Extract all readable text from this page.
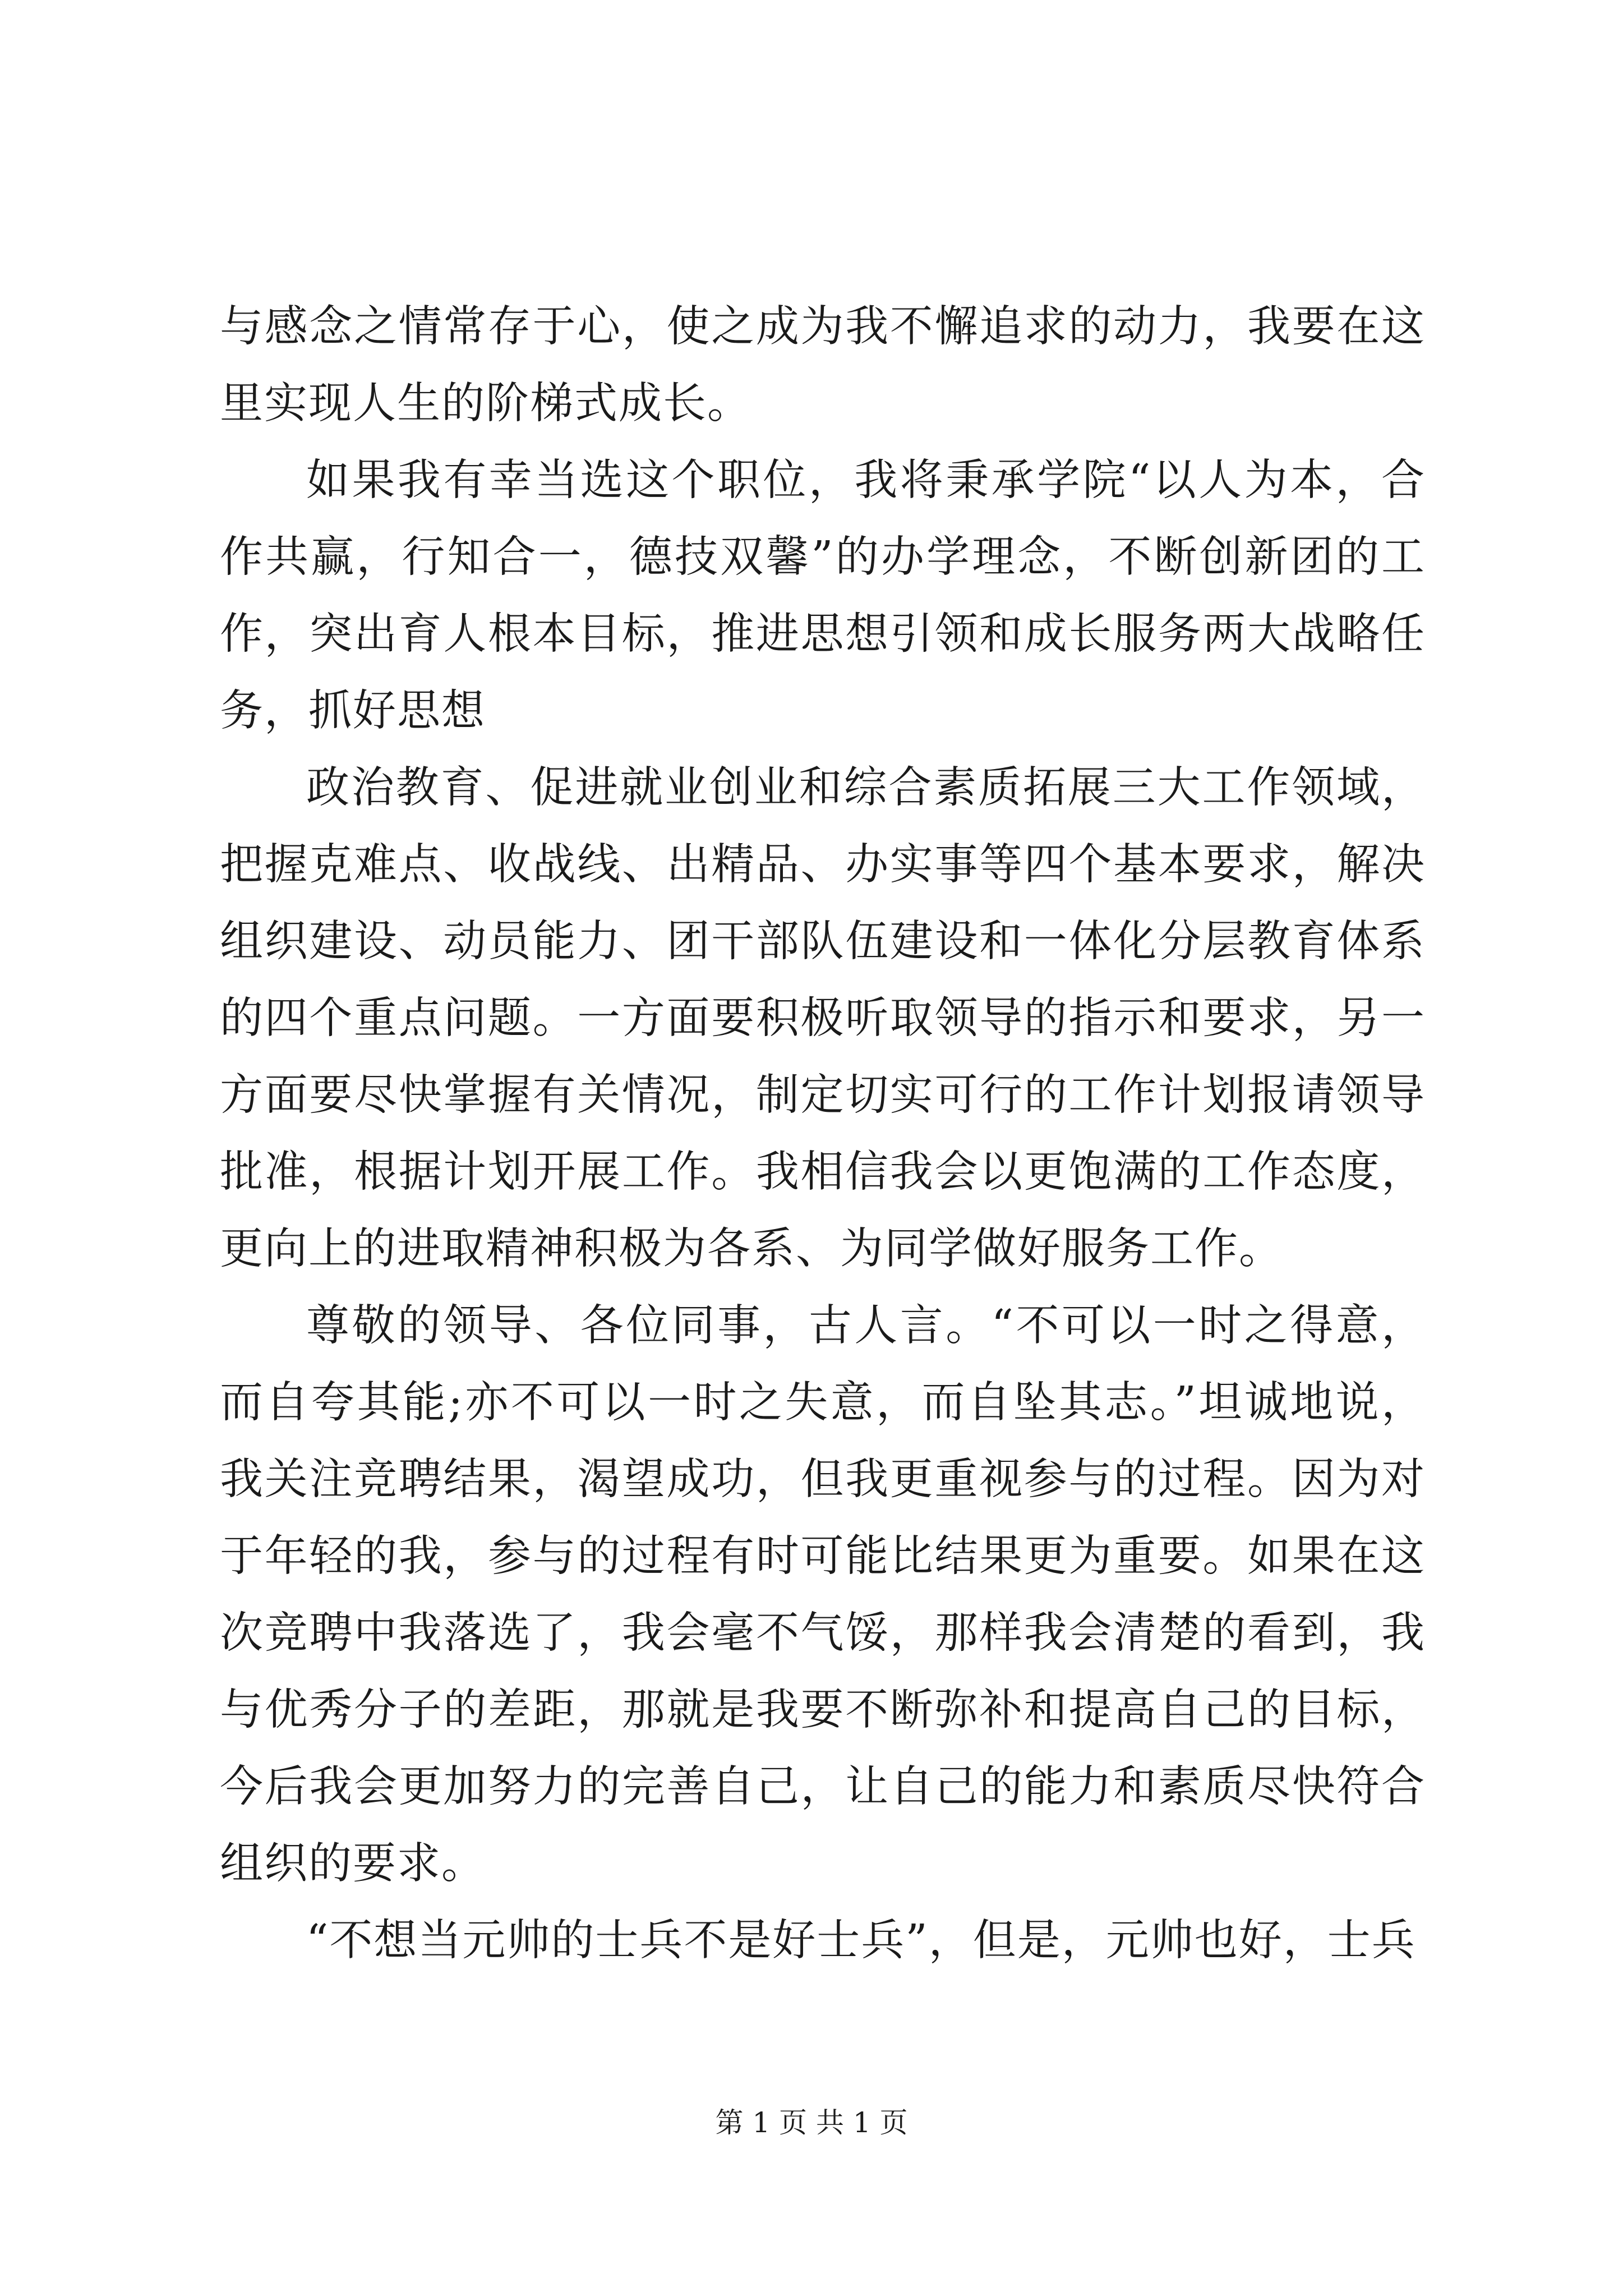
与感念之情常存于心，使之成为我不懈追求的动力，我要在这里实现人生的阶梯式成长。

如果我有幸当选这个职位，我将秉承学院“以人为本，合作共赢，行知合一，德技双馨”的办学理念，不断创新团的工作，突出育人根本目标，推进思想引领和成长服务两大战略任务，抓好思想

政治教育、促进就业创业和综合素质拓展三大工作领域，把握克难点、收战线、出精品、办实事等四个基本要求，解决组织建设、动员能力、团干部队伍建设和一体化分层教育体系的四个重点问题。一方面要积极听取领导的指示和要求，另一方面要尽快掌握有关情况，制定切实可行的工作计划报请领导批准，根据计划开展工作。我相信我会以更饱满的工作态度，更向上的进取精神积极为各系、为同学做好服务工作。

尊敬的领导、各位同事，古人言。“不可以一时之得意，而自夸其能;亦不可以一时之失意，而自坠其志。”坦诚地说，我关注竞聘结果，渴望成功，但我更重视参与的过程。因为对于年轻的我，参与的过程有时可能比结果更为重要。如果在这次竞聘中我落选了，我会毫不气馁，那样我会清楚的看到，我与优秀分子的差距，那就是我要不断弥补和提高自己的目标，今后我会更加努力的完善自己，让自己的能力和素质尽快符合组织的要求。

“不想当元帅的士兵不是好士兵”，但是，元帅也好，士兵

第 1 页 共 1 页
